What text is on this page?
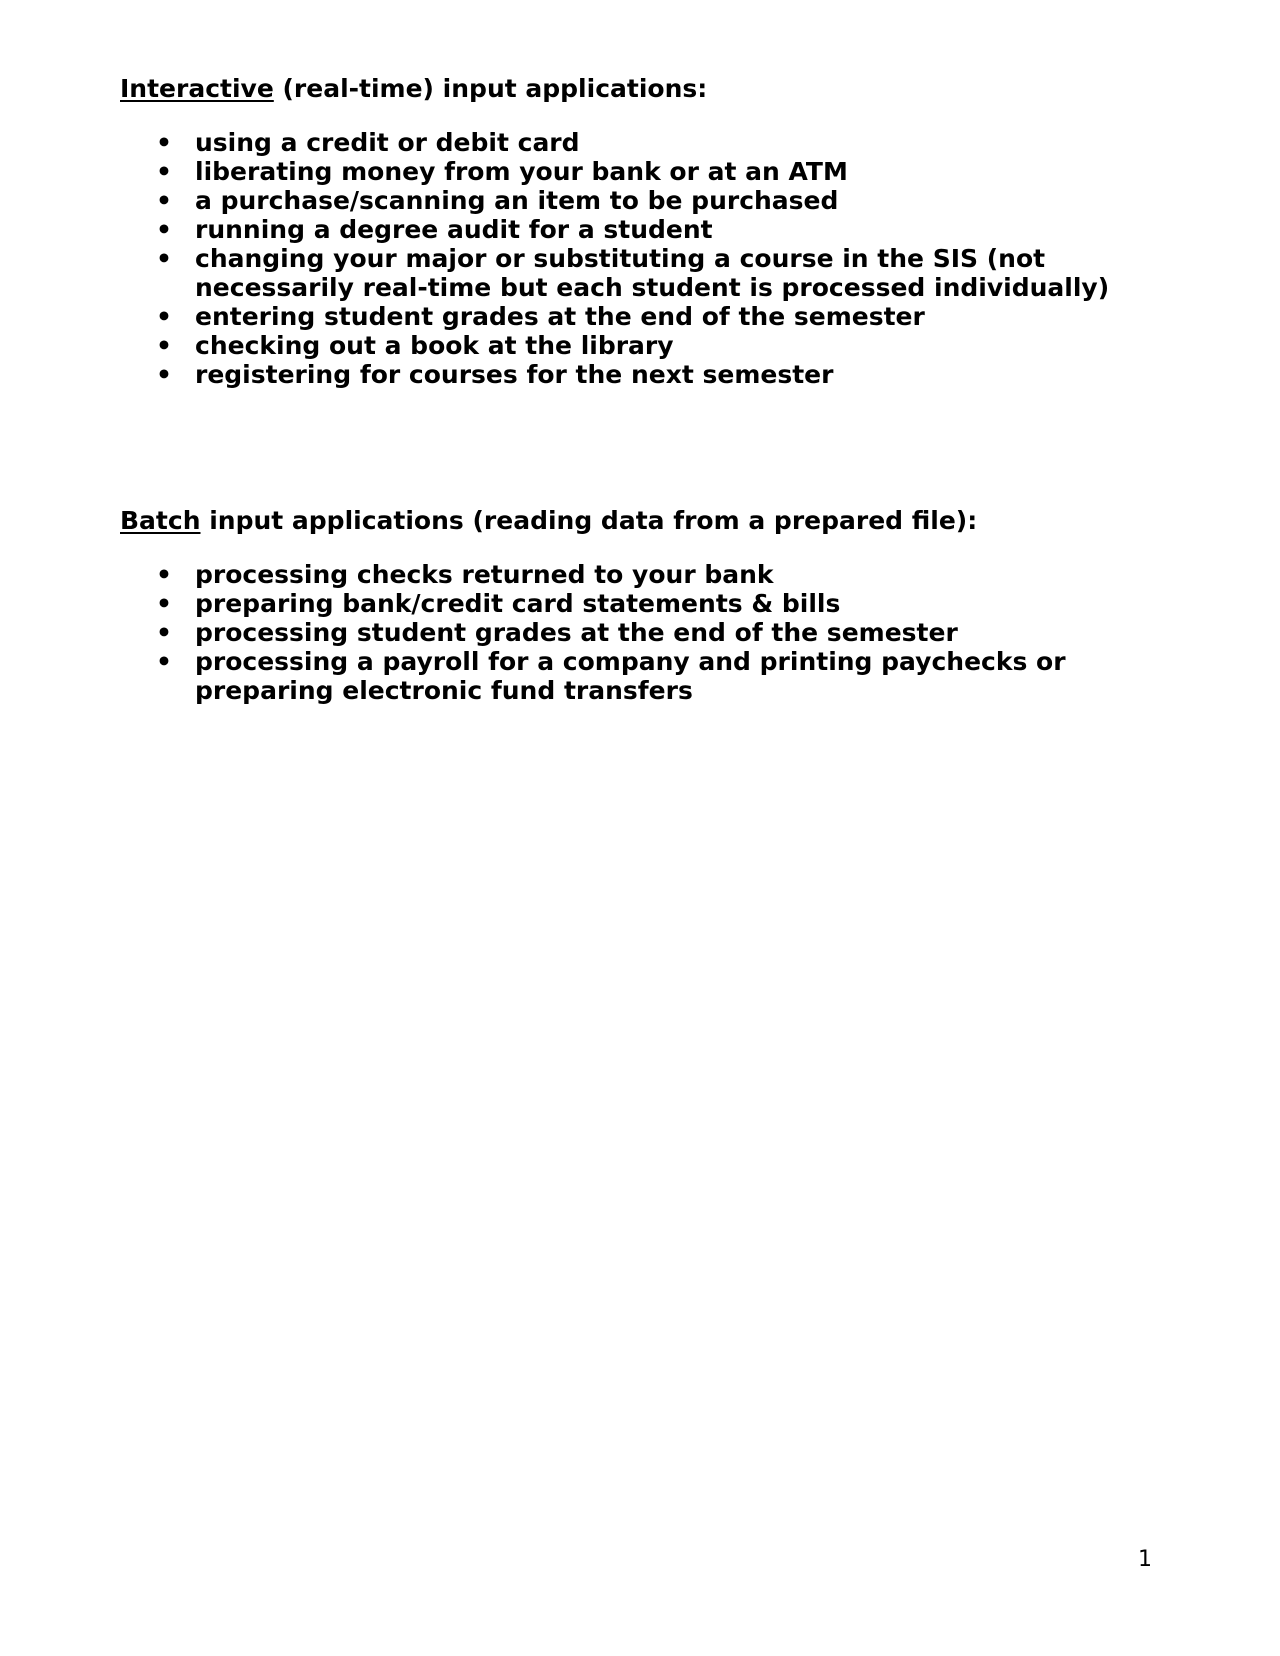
Interactive (real-time) input applications:

• using a credit or debit card
• liberating money from your bank or at an ATM
• a purchase/scanning an item to be purchased
• running a degree audit for a student
• changing your major or substituting a course in the SIS (not necessarily real-time but each student is processed individually)
• entering student grades at the end of the semester
• checking out a book at the library
• registering for courses for the next semester

Batch input applications (reading data from a prepared file):

• processing checks returned to your bank
• preparing bank/credit card statements & bills
• processing student grades at the end of the semester
• processing a payroll for a company and printing paychecks or preparing electronic fund transfers
1
